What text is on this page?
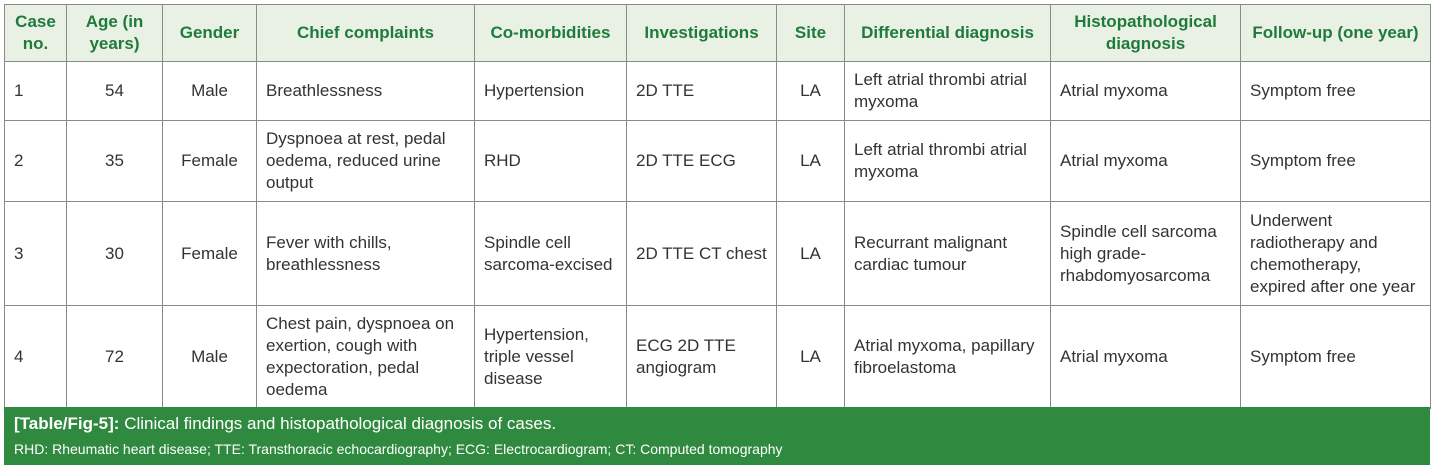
Case no.	Age (in years)	Gender	Chief complaints	Co-morbidities	Investigations	Site	Differential diagnosis	Histopathological diagnosis	Follow-up (one year)
1	54	Male	Breathlessness	Hypertension	2D TTE	LA	Left atrial thrombi atrial myxoma	Atrial myxoma	Symptom free
2	35	Female	Dyspnoea at rest, pedal oedema, reduced urine output	RHD	2D TTE ECG	LA	Left atrial thrombi atrial myxoma	Atrial myxoma	Symptom free
3	30	Female	Fever with chills, breathlessness	Spindle cell sarcoma-excised	2D TTE CT chest	LA	Recurrant malignant cardiac tumour	Spindle cell sarcoma high grade-rhabdomyosarcoma	Underwent radiotherapy and chemotherapy, expired after one year
4	72	Male	Chest pain, dyspnoea on exertion, cough with expectoration, pedal oedema	Hypertension, triple vessel disease	ECG 2D TTE angiogram	LA	Atrial myxoma, papillary fibroelastoma	Atrial myxoma	Symptom free
[Table/Fig-5]: Clinical findings and histopathological diagnosis of cases.
RHD: Rheumatic heart disease; TTE: Transthoracic echocardiography; ECG: Electrocardiogram; CT: Computed tomography
